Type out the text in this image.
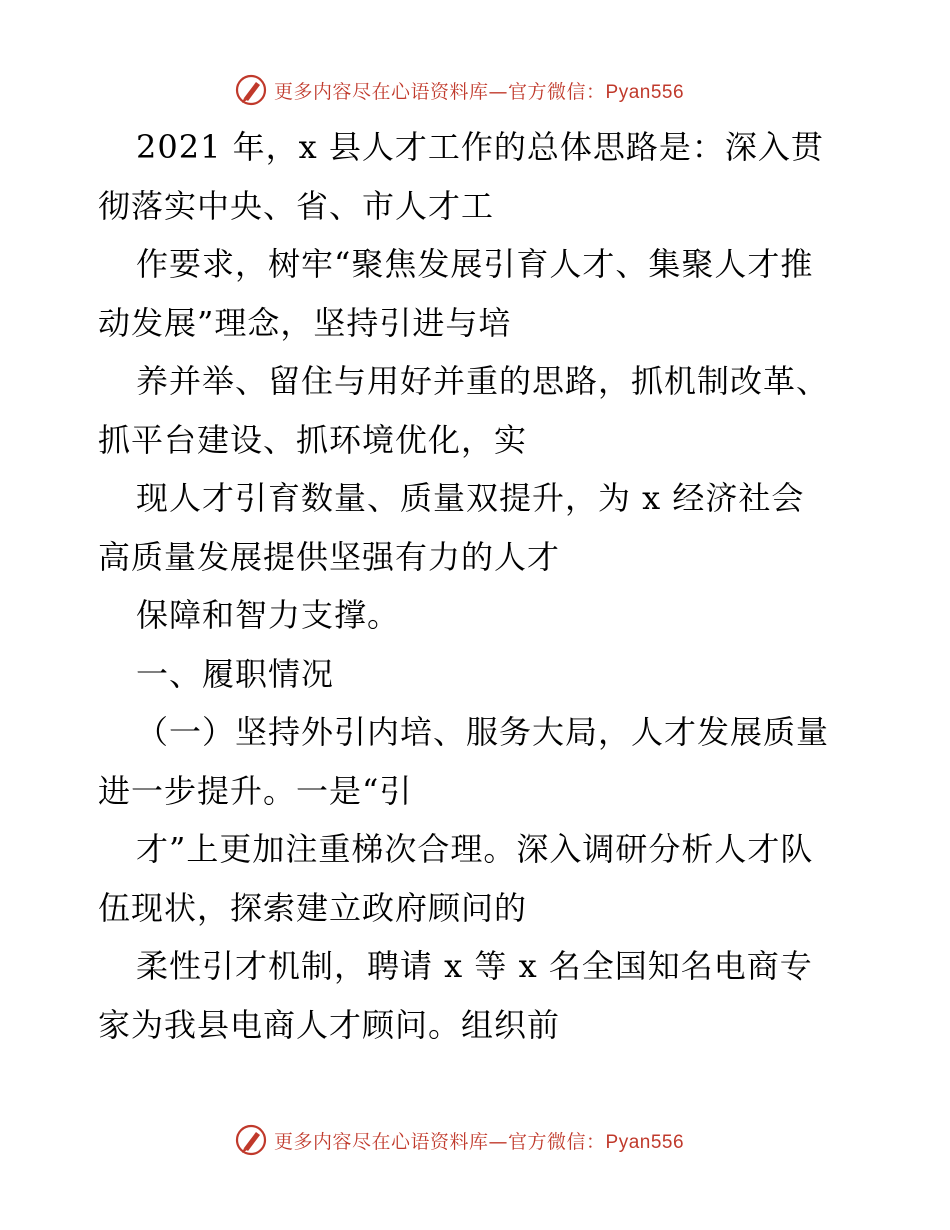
更多内容尽在心语资料库—官方微信：Pyan556
2021 年，x 县人才工作的总体思路是：深入贯
彻落实中央、省、市人才工
作要求，树牢“聚焦发展引育人才、集聚人才推
动发展”理念，坚持引进与培
养并举、留住与用好并重的思路，抓机制改革、
抓平台建设、抓环境优化，实
现人才引育数量、质量双提升，为 x 经济社会
高质量发展提供坚强有力的人才
保障和智力支撑。
一、履职情况
（一）坚持外引内培、服务大局，人才发展质量
进一步提升。一是“引
才”上更加注重梯次合理。深入调研分析人才队
伍现状，探索建立政府顾问的
柔性引才机制，聘请 x 等 x 名全国知名电商专
家为我县电商人才顾问。组织前
更多内容尽在心语资料库—官方微信：Pyan556
